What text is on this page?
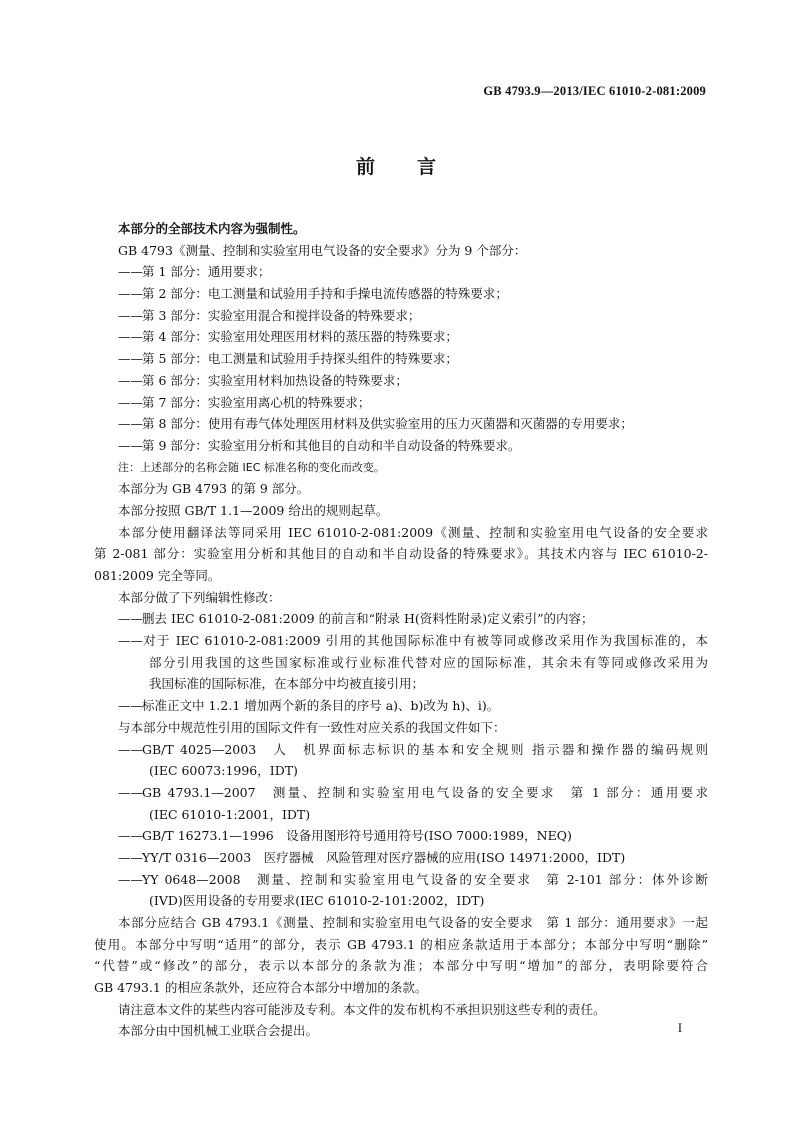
GB 4793.9—2013/IEC 61010-2-081:2009
前 言
本部分的全部技术内容为强制性。
GB 4793《测量、控制和实验室用电气设备的安全要求》分为 9 个部分：
——第 1 部分：通用要求；
——第 2 部分：电工测量和试验用手持和手操电流传感器的特殊要求；
——第 3 部分：实验室用混合和搅拌设备的特殊要求；
——第 4 部分：实验室用处理医用材料的蒸压器的特殊要求；
——第 5 部分：电工测量和试验用手持探头组件的特殊要求；
——第 6 部分：实验室用材料加热设备的特殊要求；
——第 7 部分：实验室用离心机的特殊要求；
——第 8 部分：使用有毒气体处理医用材料及供实验室用的压力灭菌器和灭菌器的专用要求；
——第 9 部分：实验室用分析和其他目的自动和半自动设备的特殊要求。
注：上述部分的名称会随 IEC 标准名称的变化而改变。
本部分为 GB 4793 的第 9 部分。
本部分按照 GB/T 1.1—2009 给出的规则起草。
本部分使用翻译法等同采用 IEC 61010-2-081:2009《测量、控制和实验室用电气设备的安全要求
第 2-081 部分：实验室用分析和其他目的自动和半自动设备的特殊要求》。其技术内容与 IEC 61010-2-
081:2009 完全等同。
本部分做了下列编辑性修改：
——删去 IEC 61010-2-081:2009 的前言和“附录 H(资料性附录)定义索引”的内容；
——对于 IEC 61010-2-081:2009 引用的其他国际标准中有被等同或修改采用作为我国标准的，本
部分引用我国的这些国家标准或行业标准代替对应的国际标准，其余未有等同或修改采用为
我国标准的国际标准，在本部分中均被直接引用；
——标准正文中 1.2.1 增加两个新的条目的序号 a)、b)改为 h)、i)。
与本部分中规范性引用的国际文件有一致性对应关系的我国文件如下：
——GB/T 4025—2003　人　机界面标志标识的基本和安全规则 指示器和操作器的编码规则
(IEC 60073:1996，IDT)
——GB 4793.1—2007　测量、控制和实验室用电气设备的安全要求　第 1 部分：通用要求
(IEC 61010-1:2001，IDT)
——GB/T 16273.1—1996　设备用图形符号通用符号(ISO 7000:1989，NEQ)
——YY/T 0316—2003　医疗器械　风险管理对医疗器械的应用(ISO 14971:2000，IDT)
——YY 0648—2008　测量、控制和实验室用电气设备的安全要求　第 2-101 部分：体外诊断
(IVD)医用设备的专用要求(IEC 61010-2-101:2002，IDT)
本部分应结合 GB 4793.1《测量、控制和实验室用电气设备的安全要求　第 1 部分：通用要求》一起
使用。本部分中写明“适用”的部分，表示 GB 4793.1 的相应条款适用于本部分；本部分中写明“删除”
“代替”或“修改”的部分，表示以本部分的条款为准；本部分中写明“增加”的部分，表明除要符合
GB 4793.1 的相应条款外，还应符合本部分中增加的条款。
请注意本文件的某些内容可能涉及专利。本文件的发布机构不承担识别这些专利的责任。
本部分由中国机械工业联合会提出。	I
